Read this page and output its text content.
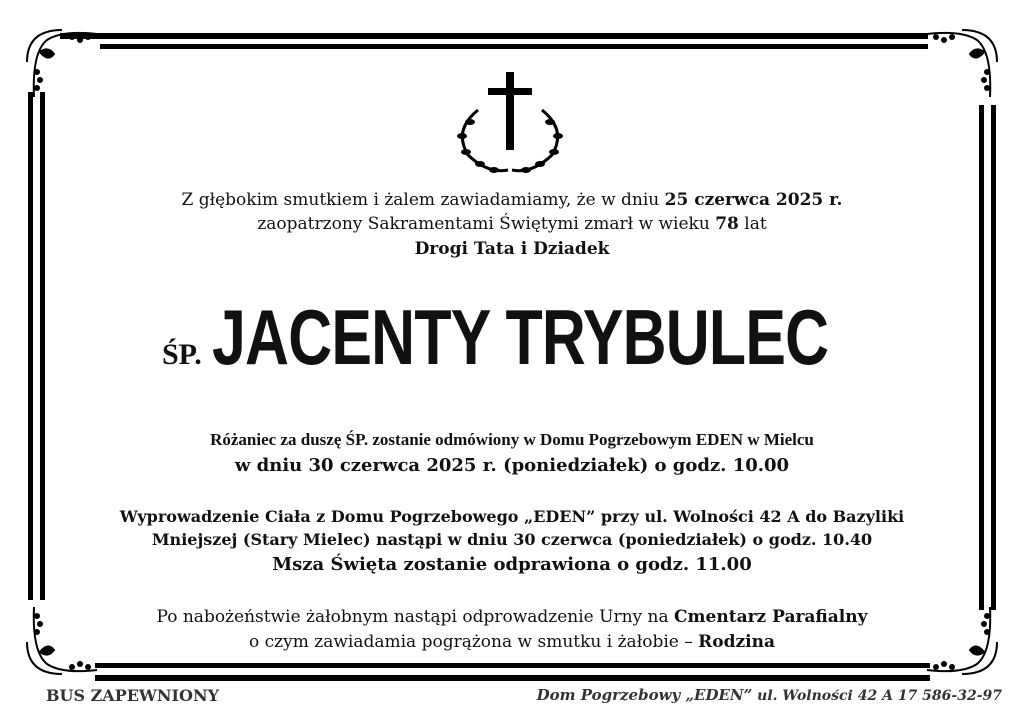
Z głębokim smutkiem i żalem zawiadamiamy, że w dniu 25 czerwca 2025 r.
zaopatrzony Sakramentami Świętymi zmarł w wieku 78 lat
Drogi Tata i Dziadek
ŚP. JACENTY TRYBULEC
Różaniec za duszę ŚP. zostanie odmówiony w Domu Pogrzebowym EDEN w Mielcu
w dniu 30 czerwca 2025 r. (poniedziałek) o godz. 10.00
Wyprowadzenie Ciała z Domu Pogrzebowego „EDEN” przy ul. Wolności 42 A do Bazyliki
Mniejszej (Stary Mielec) nastąpi w dniu 30 czerwca (poniedziałek) o godz. 10.40
Msza Święta zostanie odprawiona o godz. 11.00
Po nabożeństwie żałobnym nastąpi odprowadzenie Urny na Cmentarz Parafialny
o czym zawiadamia pogrążona w smutku i żałobie – Rodzina
BUS ZAPEWNIONY	Dom Pogrzebowy „EDEN” ul. Wolności 42 A 17 586-32-97
